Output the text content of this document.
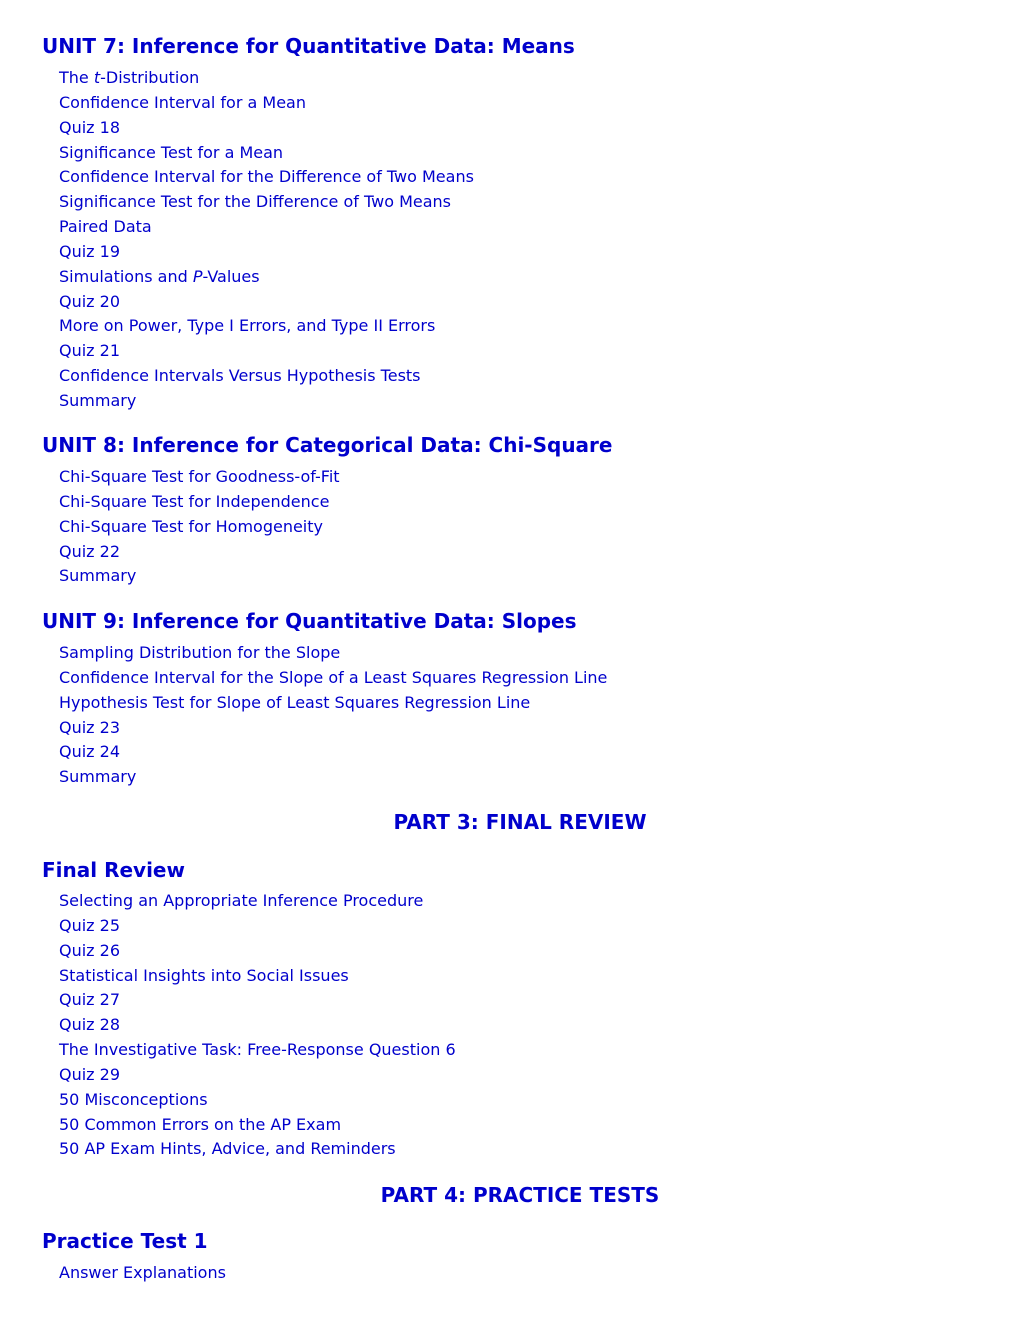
UNIT 7: Inference for Quantitative Data: Means
The t-Distribution
Confidence Interval for a Mean
Quiz 18
Significance Test for a Mean
Confidence Interval for the Difference of Two Means
Significance Test for the Difference of Two Means
Paired Data
Quiz 19
Simulations and P-Values
Quiz 20
More on Power, Type I Errors, and Type II Errors
Quiz 21
Confidence Intervals Versus Hypothesis Tests
Summary
UNIT 8: Inference for Categorical Data: Chi-Square
Chi-Square Test for Goodness-of-Fit
Chi-Square Test for Independence
Chi-Square Test for Homogeneity
Quiz 22
Summary
UNIT 9: Inference for Quantitative Data: Slopes
Sampling Distribution for the Slope
Confidence Interval for the Slope of a Least Squares Regression Line
Hypothesis Test for Slope of Least Squares Regression Line
Quiz 23
Quiz 24
Summary
PART 3: FINAL REVIEW
Final Review
Selecting an Appropriate Inference Procedure
Quiz 25
Quiz 26
Statistical Insights into Social Issues
Quiz 27
Quiz 28
The Investigative Task: Free-Response Question 6
Quiz 29
50 Misconceptions
50 Common Errors on the AP Exam
50 AP Exam Hints, Advice, and Reminders
PART 4: PRACTICE TESTS
Practice Test 1
Answer Explanations
